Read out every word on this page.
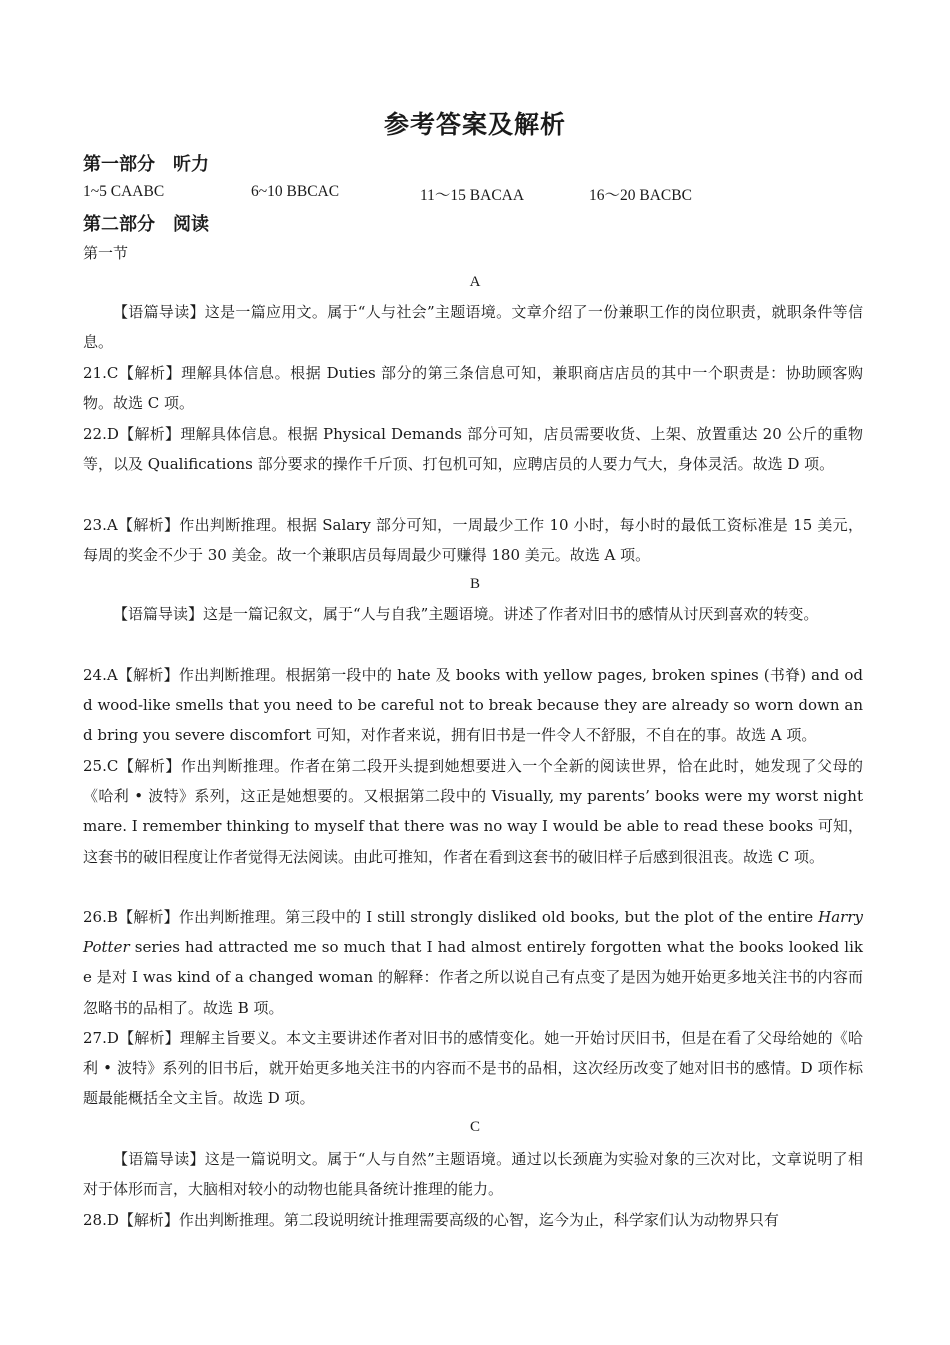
参考答案及解析
第一部分　听力
1~5 CAABC	6~10 BBCAC	11～15 BACAA	16～20 BACBC
第二部分　阅读
第一节
A
【语篇导读】这是一篇应用文。属于“人与社会”主题语境。文章介绍了一份兼职工作的岗位职责，就职条件等信息。
21.C【解析】理解具体信息。根据 Duties 部分的第三条信息可知，兼职商店店员的其中一个职责是：协助顾客购物。故选 C 项。
22.D【解析】理解具体信息。根据 Physical Demands 部分可知，店员需要收货、上架、放置重达 20 公斤的重物等，以及 Qualifications 部分要求的操作千斤顶、打包机可知，应聘店员的人要力气大，身体灵活。故选 D 项。
23.A【解析】作出判断推理。根据 Salary 部分可知，一周最少工作 10 小时，每小时的最低工资标准是 15 美元，每周的奖金不少于 30 美金。故一个兼职店员每周最少可赚得 180 美元。故选 A 项。
B
【语篇导读】这是一篇记叙文，属于“人与自我”主题语境。讲述了作者对旧书的感情从讨厌到喜欢的转变。
24.A【解析】作出判断推理。根据第一段中的 hate 及 books with yellow pages, broken spines (书脊) and odd wood-like smells that you need to be careful not to break because they are already so worn down and bring you severe discomfort 可知，对作者来说，拥有旧书是一件令人不舒服，不自在的事。故选 A 项。
25.C【解析】作出判断推理。作者在第二段开头提到她想要进入一个全新的阅读世界，恰在此时，她发现了父母的《哈利 • 波特》系列，这正是她想要的。又根据第二段中的 Visually, my parents’ books were my worst nightmare. I remember thinking to myself that there was no way I would be able to read these books 可知，这套书的破旧程度让作者觉得无法阅读。由此可推知，作者在看到这套书的破旧样子后感到很沮丧。故选 C 项。
26.B【解析】作出判断推理。第三段中的 I still strongly disliked old books, but the plot of the entire Harry Potter series had attracted me so much that I had almost entirely forgotten what the books looked like 是对 I was kind of a changed woman 的解释：作者之所以说自己有点变了是因为她开始更多地关注书的内容而忽略书的品相了。故选 B 项。
27.D【解析】理解主旨要义。本文主要讲述作者对旧书的感情变化。她一开始讨厌旧书，但是在看了父母给她的《哈利 • 波特》系列的旧书后，就开始更多地关注书的内容而不是书的品相，这次经历改变了她对旧书的感情。D 项作标题最能概括全文主旨。故选 D 项。
C
【语篇导读】这是一篇说明文。属于“人与自然”主题语境。通过以长颈鹿为实验对象的三次对比，文章说明了相对于体形而言，大脑相对较小的动物也能具备统计推理的能力。
28.D【解析】作出判断推理。第二段说明统计推理需要高级的心智，迄今为止，科学家们认为动物界只有
